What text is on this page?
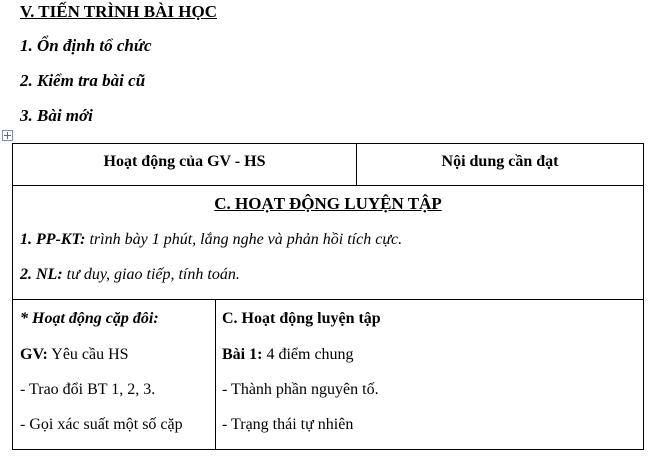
V. TIẾN TRÌNH BÀI HỌC
1. Ổn định tổ chức
2. Kiểm tra bài cũ
3. Bài mới
Hoạt động của GV - HS	Nội dung cần đạt
C. HOẠT ĐỘNG LUYỆN TẬP
1. PP-KT: trình bày 1 phút, lắng nghe và phản hồi tích cực.
2. NL: tư duy, giao tiếp, tính toán.
* Hoạt động cặp đôi:
GV: Yêu cầu HS
- Trao đổi BT 1, 2, 3.
- Gọi xác suất một số cặp
C. Hoạt động luyện tập
Bài 1: 4 điểm chung
- Thành phần nguyên tố.
- Trạng thái tự nhiên
